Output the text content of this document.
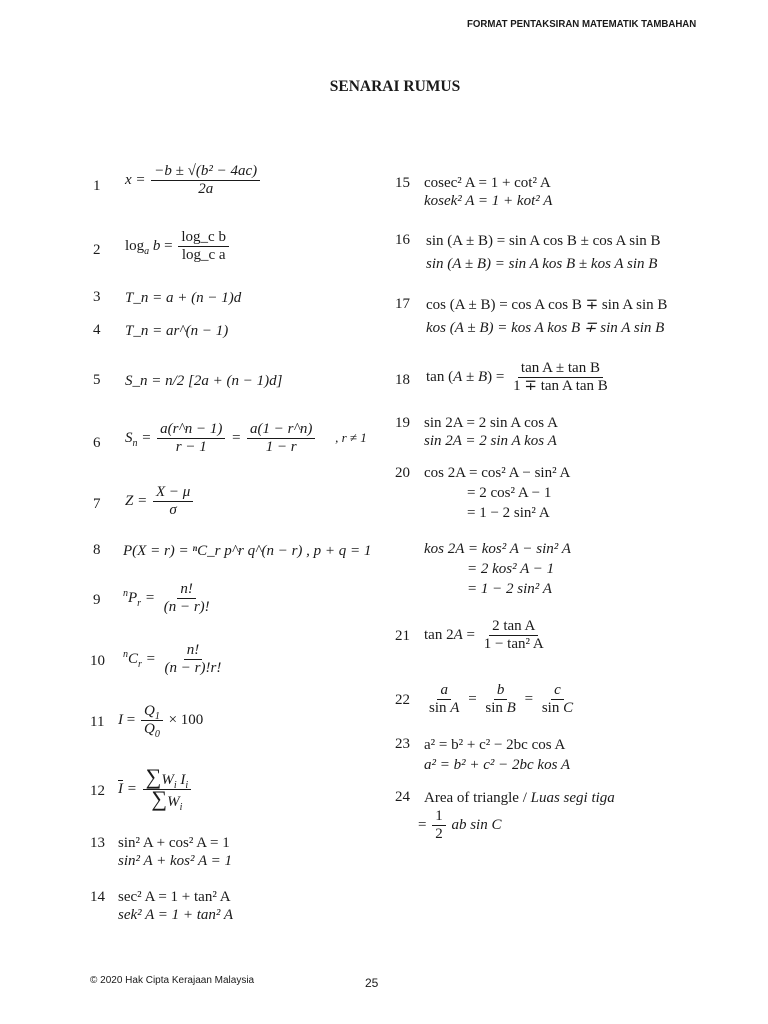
FORMAT PENTAKSIRAN MATEMATIK TAMBAHAN
SENARAI RUMUS
1
2
3
4
5
6
7
8
9
10
11
12
13
14
15
16
17
18
19
20
21
22
23
24
$x = \frac{\text{−b ± √(b² − 4ac)}}{2a}$
$\log_a b = \frac{\text{log\_c b}}{\text{log\_c a}}$
T_n = a + (n − 1)d
T_n = ar^(n − 1)
S_n = n/2 [2a + (n − 1)d]
$S_n = \frac{a(r\^{}n - 1)}{r - 1} = \frac{a(1 - r\^{}n)}{1 - r}$ , r ≠ 1
$Z = \frac{X - \mu}{\sigma}$
P(X = r) = ⁿC_r p^r q^(n − r) , p + q = 1
$^nP_r = \frac{n!}{(n - r)!}$
$^nC_r = \frac{n!}{(n - r)!r!}$
$I = \frac{Q_1}{Q_0} \times 100$
$\overline{I} = \frac{\sum W_i I_i}{\sum W_i}$
sin² A + cos² A = 1
sin² A + kos² A = 1
sec² A = 1 + tan² A
sek² A = 1 + tan² A
cosec² A = 1 + cot² A
kosek² A = 1 + kot² A
sin (A ± B) = sin A cos B ± cos A sin B
sin (A ± B) = sin A kos B ± kos A sin B
cos (A ± B) = cos A cos B ∓ sin A sin B
kos (A ± B) = kos A kos B ∓ sin A sin B
$\tan (A \pm B) = \frac{\text{tan A ± tan B}}{\text{1 ∓ tan A tan B}}$
sin 2A = 2 sin A cos A
sin 2A = 2 sin A kos A
cos 2A = cos² A − sin² A
= 2 cos² A − 1
= 1 − 2 sin² A
kos 2A = kos² A − sin² A
= 2 kos² A − 1
= 1 − 2 sin² A
$\tan 2A = \frac{\text{2 tan A}}{\text{1 − tan² A}}$
$\frac{a}{\text{sin A}} = \frac{b}{\text{sin B}} = \frac{c}{\text{sin C}}$
a² = b² + c² − 2bc cos A
a² = b² + c² − 2bc kos A
Area of triangle / Luas segi tiga
= $\frac{1}{2}$ ab sin C
© 2020 Hak Cipta Kerajaan Malaysia	25
